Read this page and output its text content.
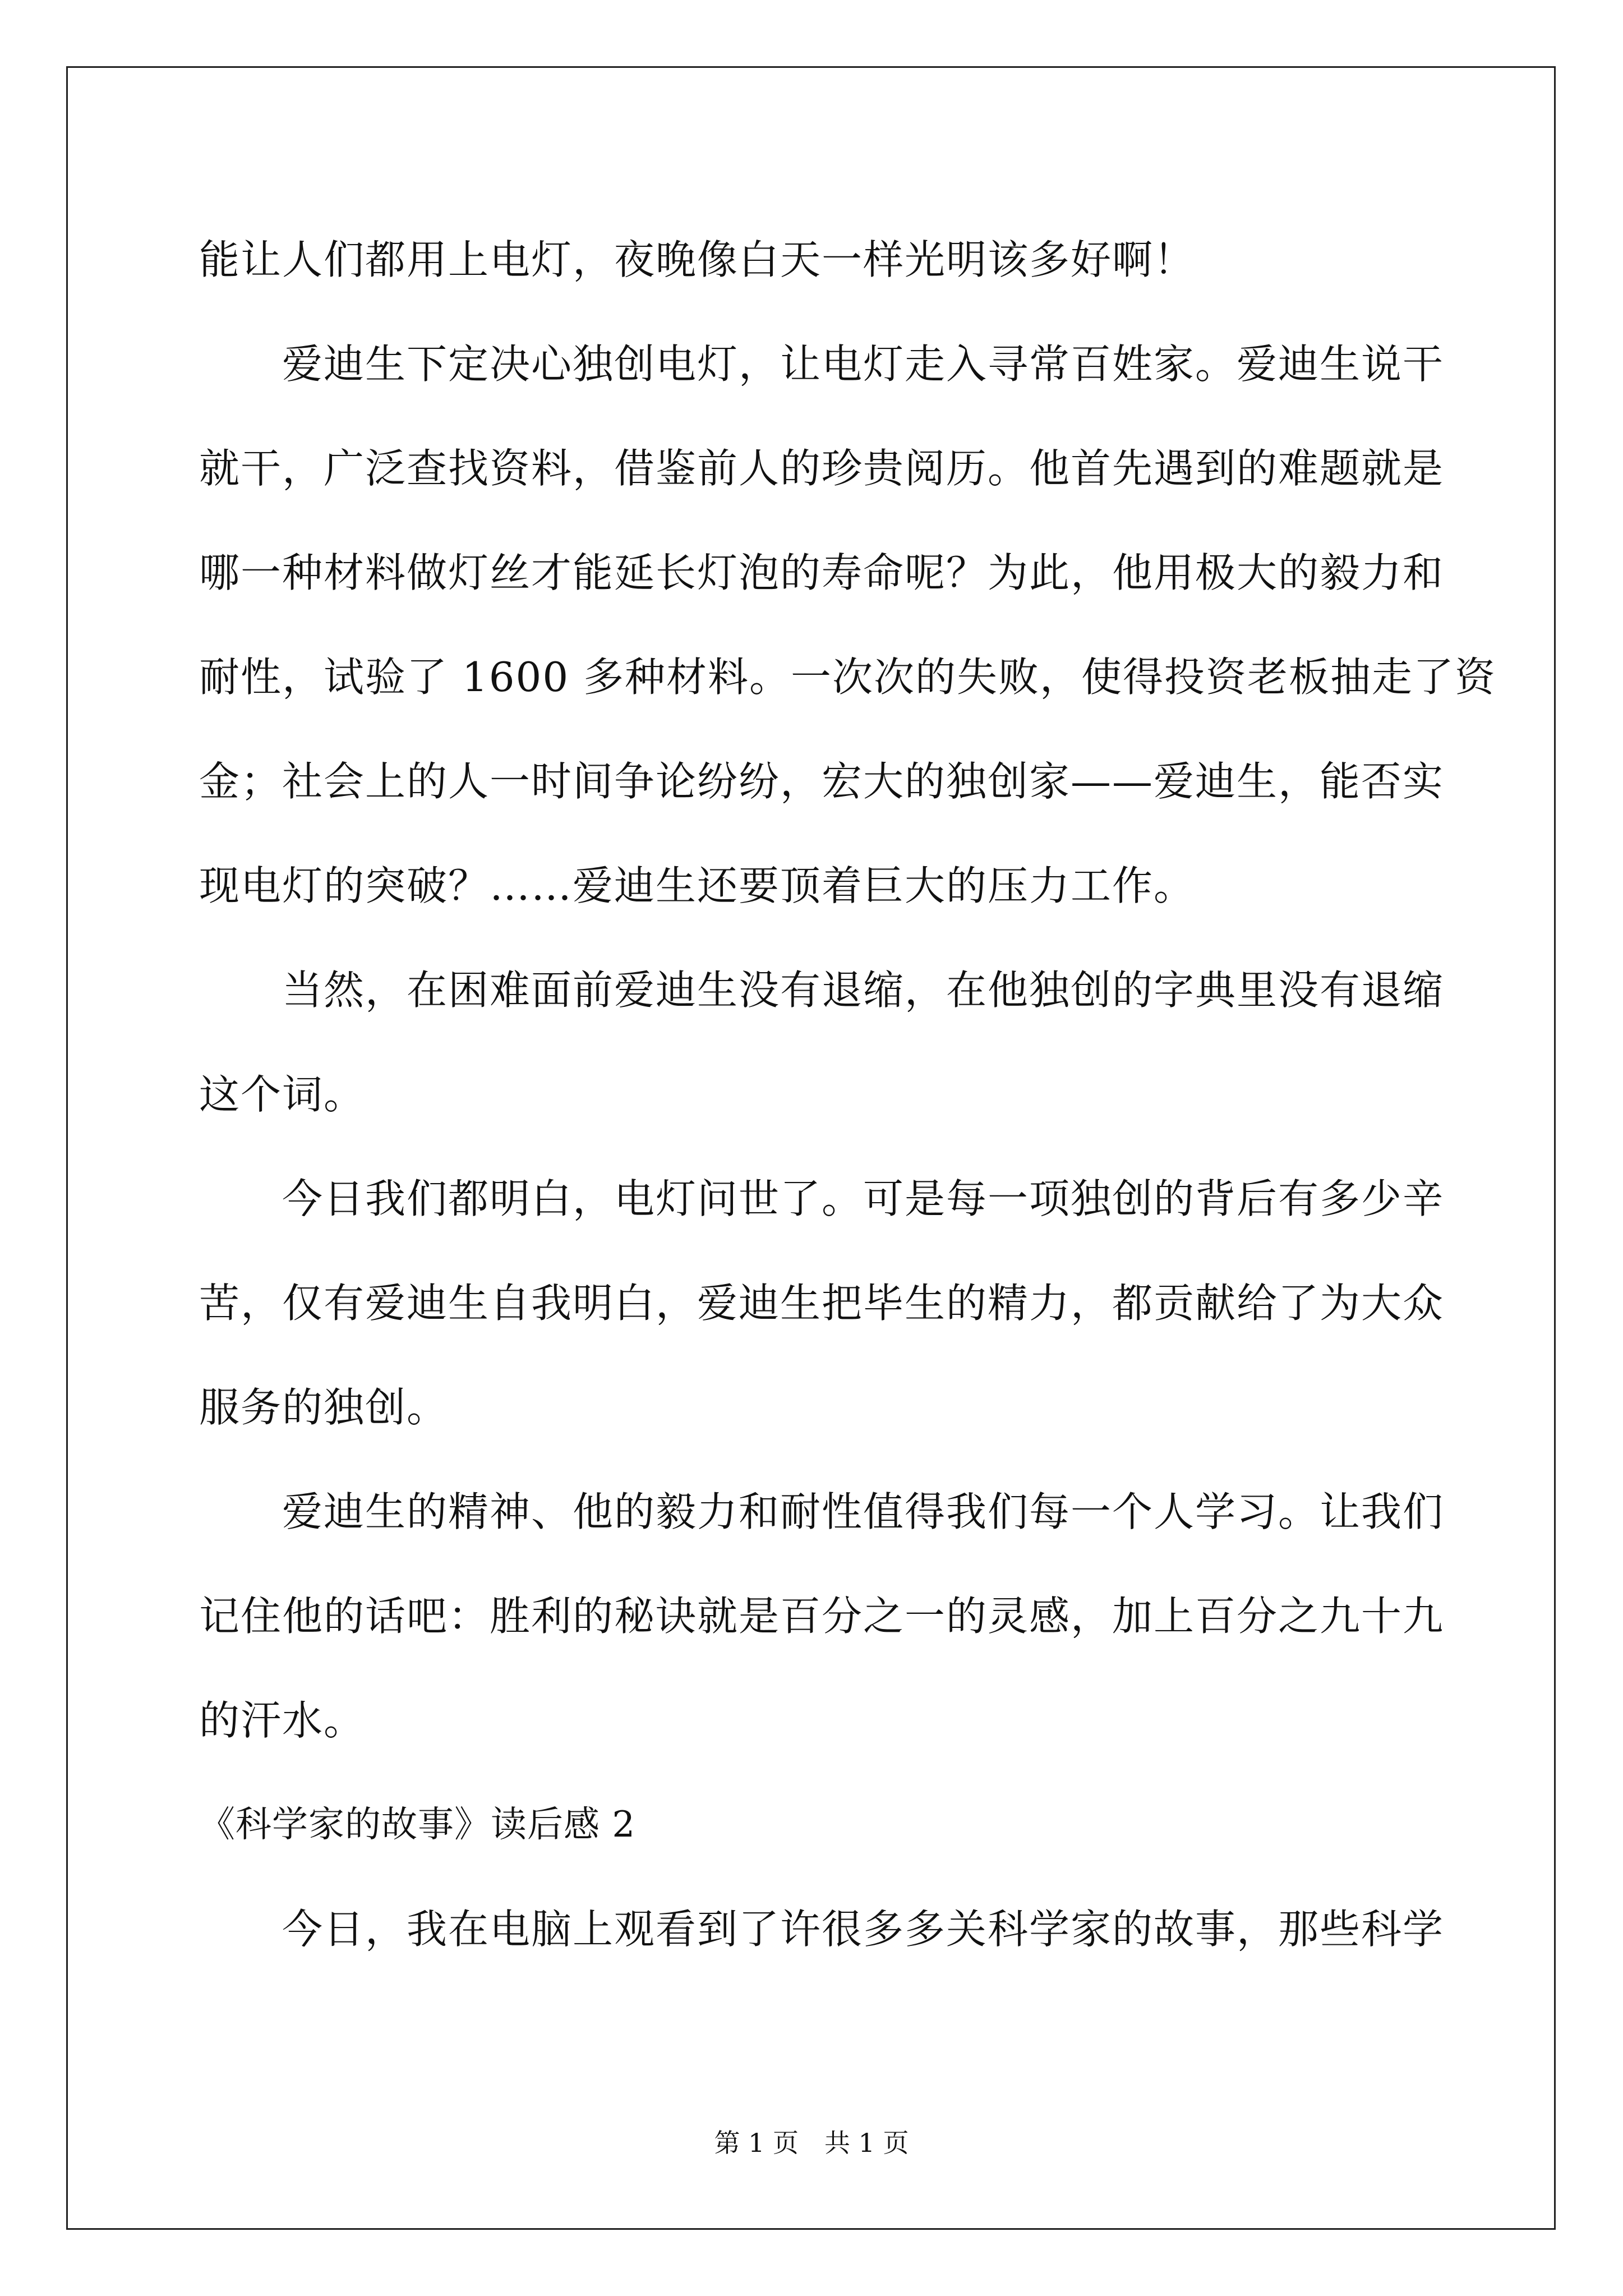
能让人们都用上电灯，夜晚像白天一样光明该多好啊！
爱迪生下定决心独创电灯，让电灯走入寻常百姓家。爱迪生说干
就干，广泛查找资料，借鉴前人的珍贵阅历。他首先遇到的难题就是
哪一种材料做灯丝才能延长灯泡的寿命呢？为此，他用极大的毅力和
耐性，试验了 1600 多种材料。一次次的失败，使得投资老板抽走了资
金；社会上的人一时间争论纷纷，宏大的独创家——爱迪生，能否实
现电灯的突破？……爱迪生还要顶着巨大的压力工作。
当然，在困难面前爱迪生没有退缩，在他独创的字典里没有退缩
这个词。
今日我们都明白，电灯问世了。可是每一项独创的背后有多少辛
苦，仅有爱迪生自我明白，爱迪生把毕生的精力，都贡献给了为大众
服务的独创。
爱迪生的精神、他的毅力和耐性值得我们每一个人学习。让我们
记住他的话吧：胜利的秘诀就是百分之一的灵感，加上百分之九十九
的汗水。
《科学家的故事》读后感 2
今日，我在电脑上观看到了许很多多关科学家的故事，那些科学
第 1 页　共 1 页
